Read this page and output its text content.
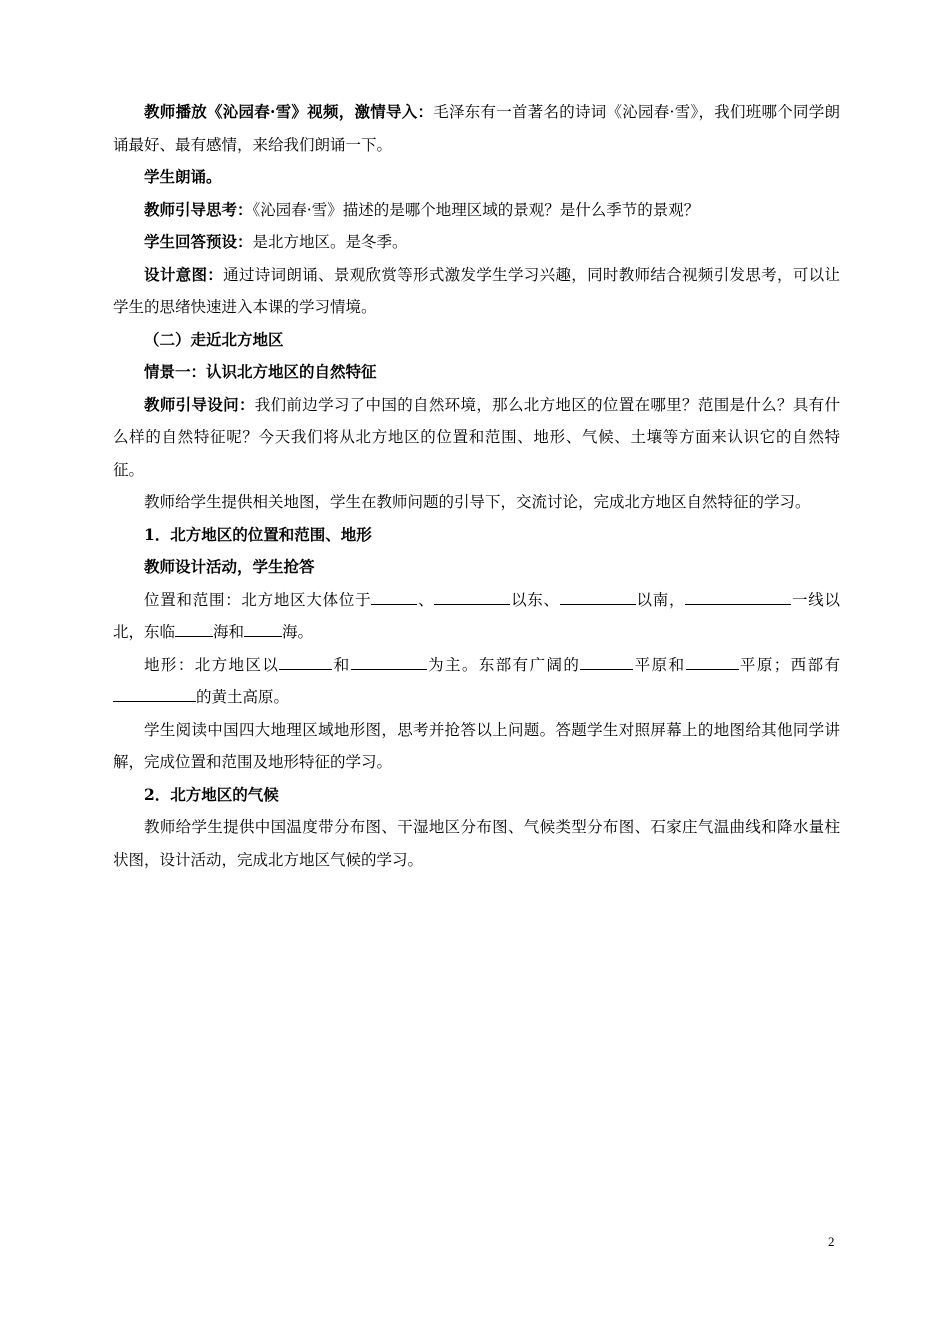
教师播放《沁园春·雪》视频，激情导入：毛泽东有一首著名的诗词《沁园春·雪》，我们班哪个同学朗诵最好、最有感情，来给我们朗诵一下。

学生朗诵。

教师引导思考：《沁园春·雪》描述的是哪个地理区域的景观？是什么季节的景观？

学生回答预设：是北方地区。是冬季。

设计意图：通过诗词朗诵、景观欣赏等形式激发学生学习兴趣，同时教师结合视频引发思考，可以让学生的思绪快速进入本课的学习情境。

（二）走近北方地区

情景一：认识北方地区的自然特征

教师引导设问：我们前边学习了中国的自然环境，那么北方地区的位置在哪里？范围是什么？具有什么样的自然特征呢？今天我们将从北方地区的位置和范围、地形、气候、土壤等方面来认识它的自然特征。

教师给学生提供相关地图，学生在教师问题的引导下，交流讨论，完成北方地区自然特征的学习。

1．北方地区的位置和范围、地形

教师设计活动，学生抢答

位置和范围：北方地区大体位于	、	以东、	以南，	一线以北，东临 海和 海。

地形：北方地区以	和	为主。东部有广阔的	平原和	平原；西部有的黄土高原。

学生阅读中国四大地理区域地形图，思考并抢答以上问题。答题学生对照屏幕上的地图给其他同学讲解，完成位置和范围及地形特征的学习。

2．北方地区的气候

教师给学生提供中国温度带分布图、干湿地区分布图、气候类型分布图、石家庄气温曲线和降水量柱状图，设计活动，完成北方地区气候的学习。

2
